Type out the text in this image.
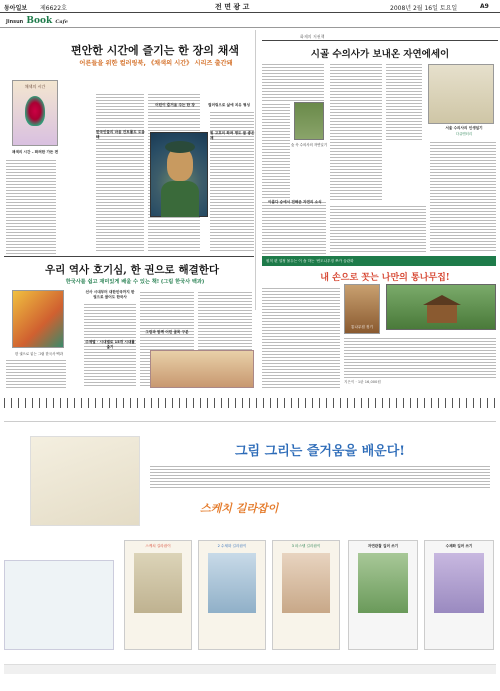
동아일보 제6622호	전 면 광 고	2008년 2월 16일 토요일	A9
Jinsun Book Cafe
편안한 시간에 즐기는 한 장의 채색
어른들을 위한 컬러링북, 《채색의 시간》 시리즈 출간돼
채색의 시간
채색의 시간 – 화려한 가든 편
한국인들의 마음 컨트롤도 도움돼
어린이 즐거움 주는 한 장	컬러링으로 삶에 치유 형성
빛 고흐의 화려 명도 꼴 좋은채
화제의 저권책
시골 수의사가 보내온 자연에세이
숲 속 수의사의 자연일기
서울 수의사의 인생일기
다큐멘터리
아름다 승에서 전해준 자연의 소식
우리 역사 호기심, 한 권으로 해결한다
한국사를 쉽고 재미있게 배울 수 있는 책! (그림 한국사 백과)
한 권으로 읽는 그림 한국사 백과
선사 시대부터 대한민국까지 한 권으로 꿀어도 한국사
주제별 · 시대별로 15개 시대를 줄기
그림과 함께 어린 골목 구분
원칙 편 설정 몰두는 이 숍 하는 '빈도나우징 쯔카 습관화
내 손으로 꼿는 나만의 통나무집!
통나무집 짓기
지은이 · 1판 16,000원
그림 그리는 즐거움을 배운다!
스케치 길라잡이
스케치 길라잡이	2 수채화 길라잡이	3 파스텔 길라잡이	자연관찰 길러 쓰기	수채화 길러 쓰기
